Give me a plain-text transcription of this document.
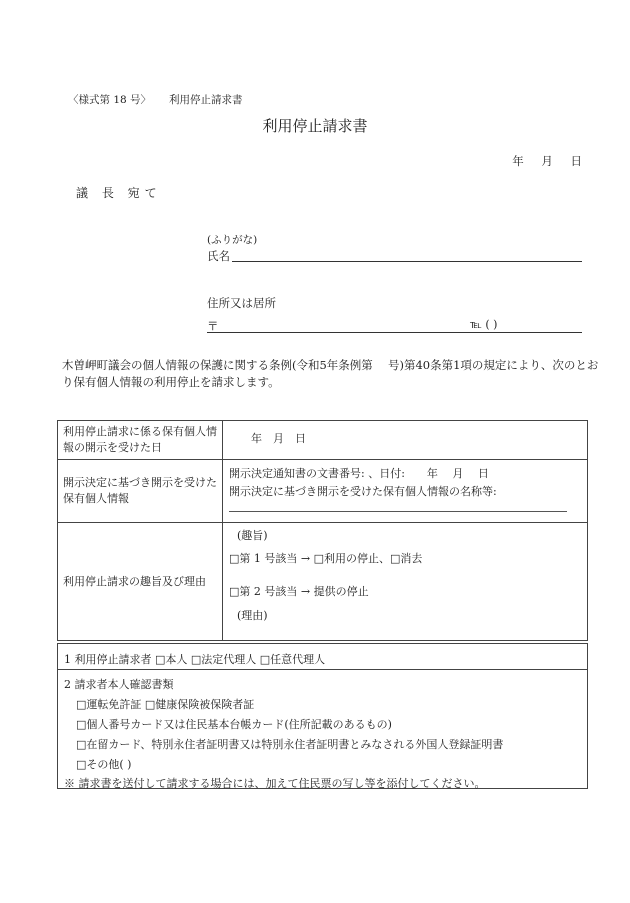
〈様式第 18 号〉 利用停止請求書
利用停止請求書
年 月 日
議 長 宛て
(ふりがな)
氏名
住所又は居所
〒	℡ ( )
木曽岬町議会の個人情報の保護に関する条例(令和5年条例第　 号)第40条第1項の規定により、次のとおり保有個人情報の利用停止を請求します。
利用停止請求に係る保有個人情報の開示を受けた日	年　月　日

開示決定に基づき開示を受けた保有個人情報	開示決定通知書の文書番号: 、日付:　　年　 月　 日
開示決定に基づき開示を受けた保有個人情報の名称等:

利用停止請求の趣旨及び理由	(趣旨)
□第 1 号該当 → □利用の停止、□消去
□第 2 号該当 → 提供の停止
(理由)
1 利用停止請求者 □本人 □法定代理人 □任意代理人
2 請求者本人確認書類
□運転免許証 □健康保険被保険者証
□個人番号カード又は住民基本台帳カード(住所記載のあるもの)
□在留カード、特別永住者証明書又は特別永住者証明書とみなされる外国人登録証明書
□その他( )
※ 請求書を送付して請求する場合には、加えて住民票の写し等を添付してください。
